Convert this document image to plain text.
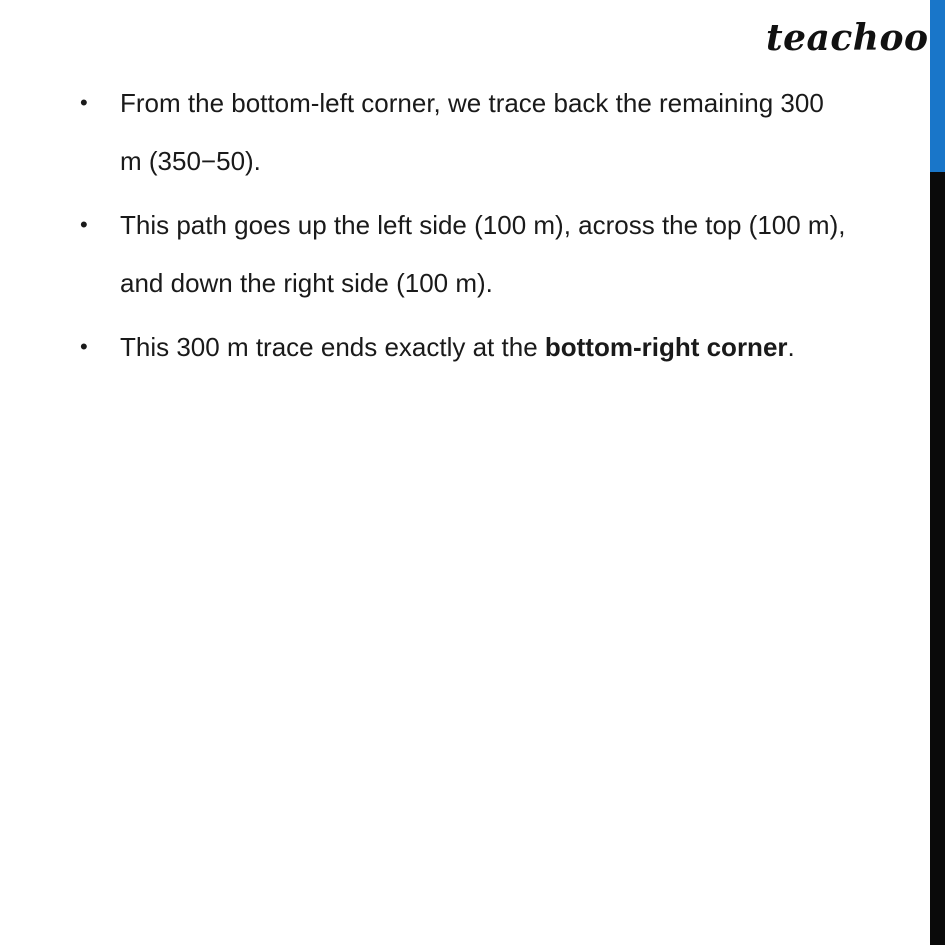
teachoo
• From the bottom-left corner, we trace back the remaining 300
m (350−50).
• This path goes up the left side (100 m), across the top (100 m),
and down the right side (100 m).
• This 300 m trace ends exactly at the bottom-right corner.
